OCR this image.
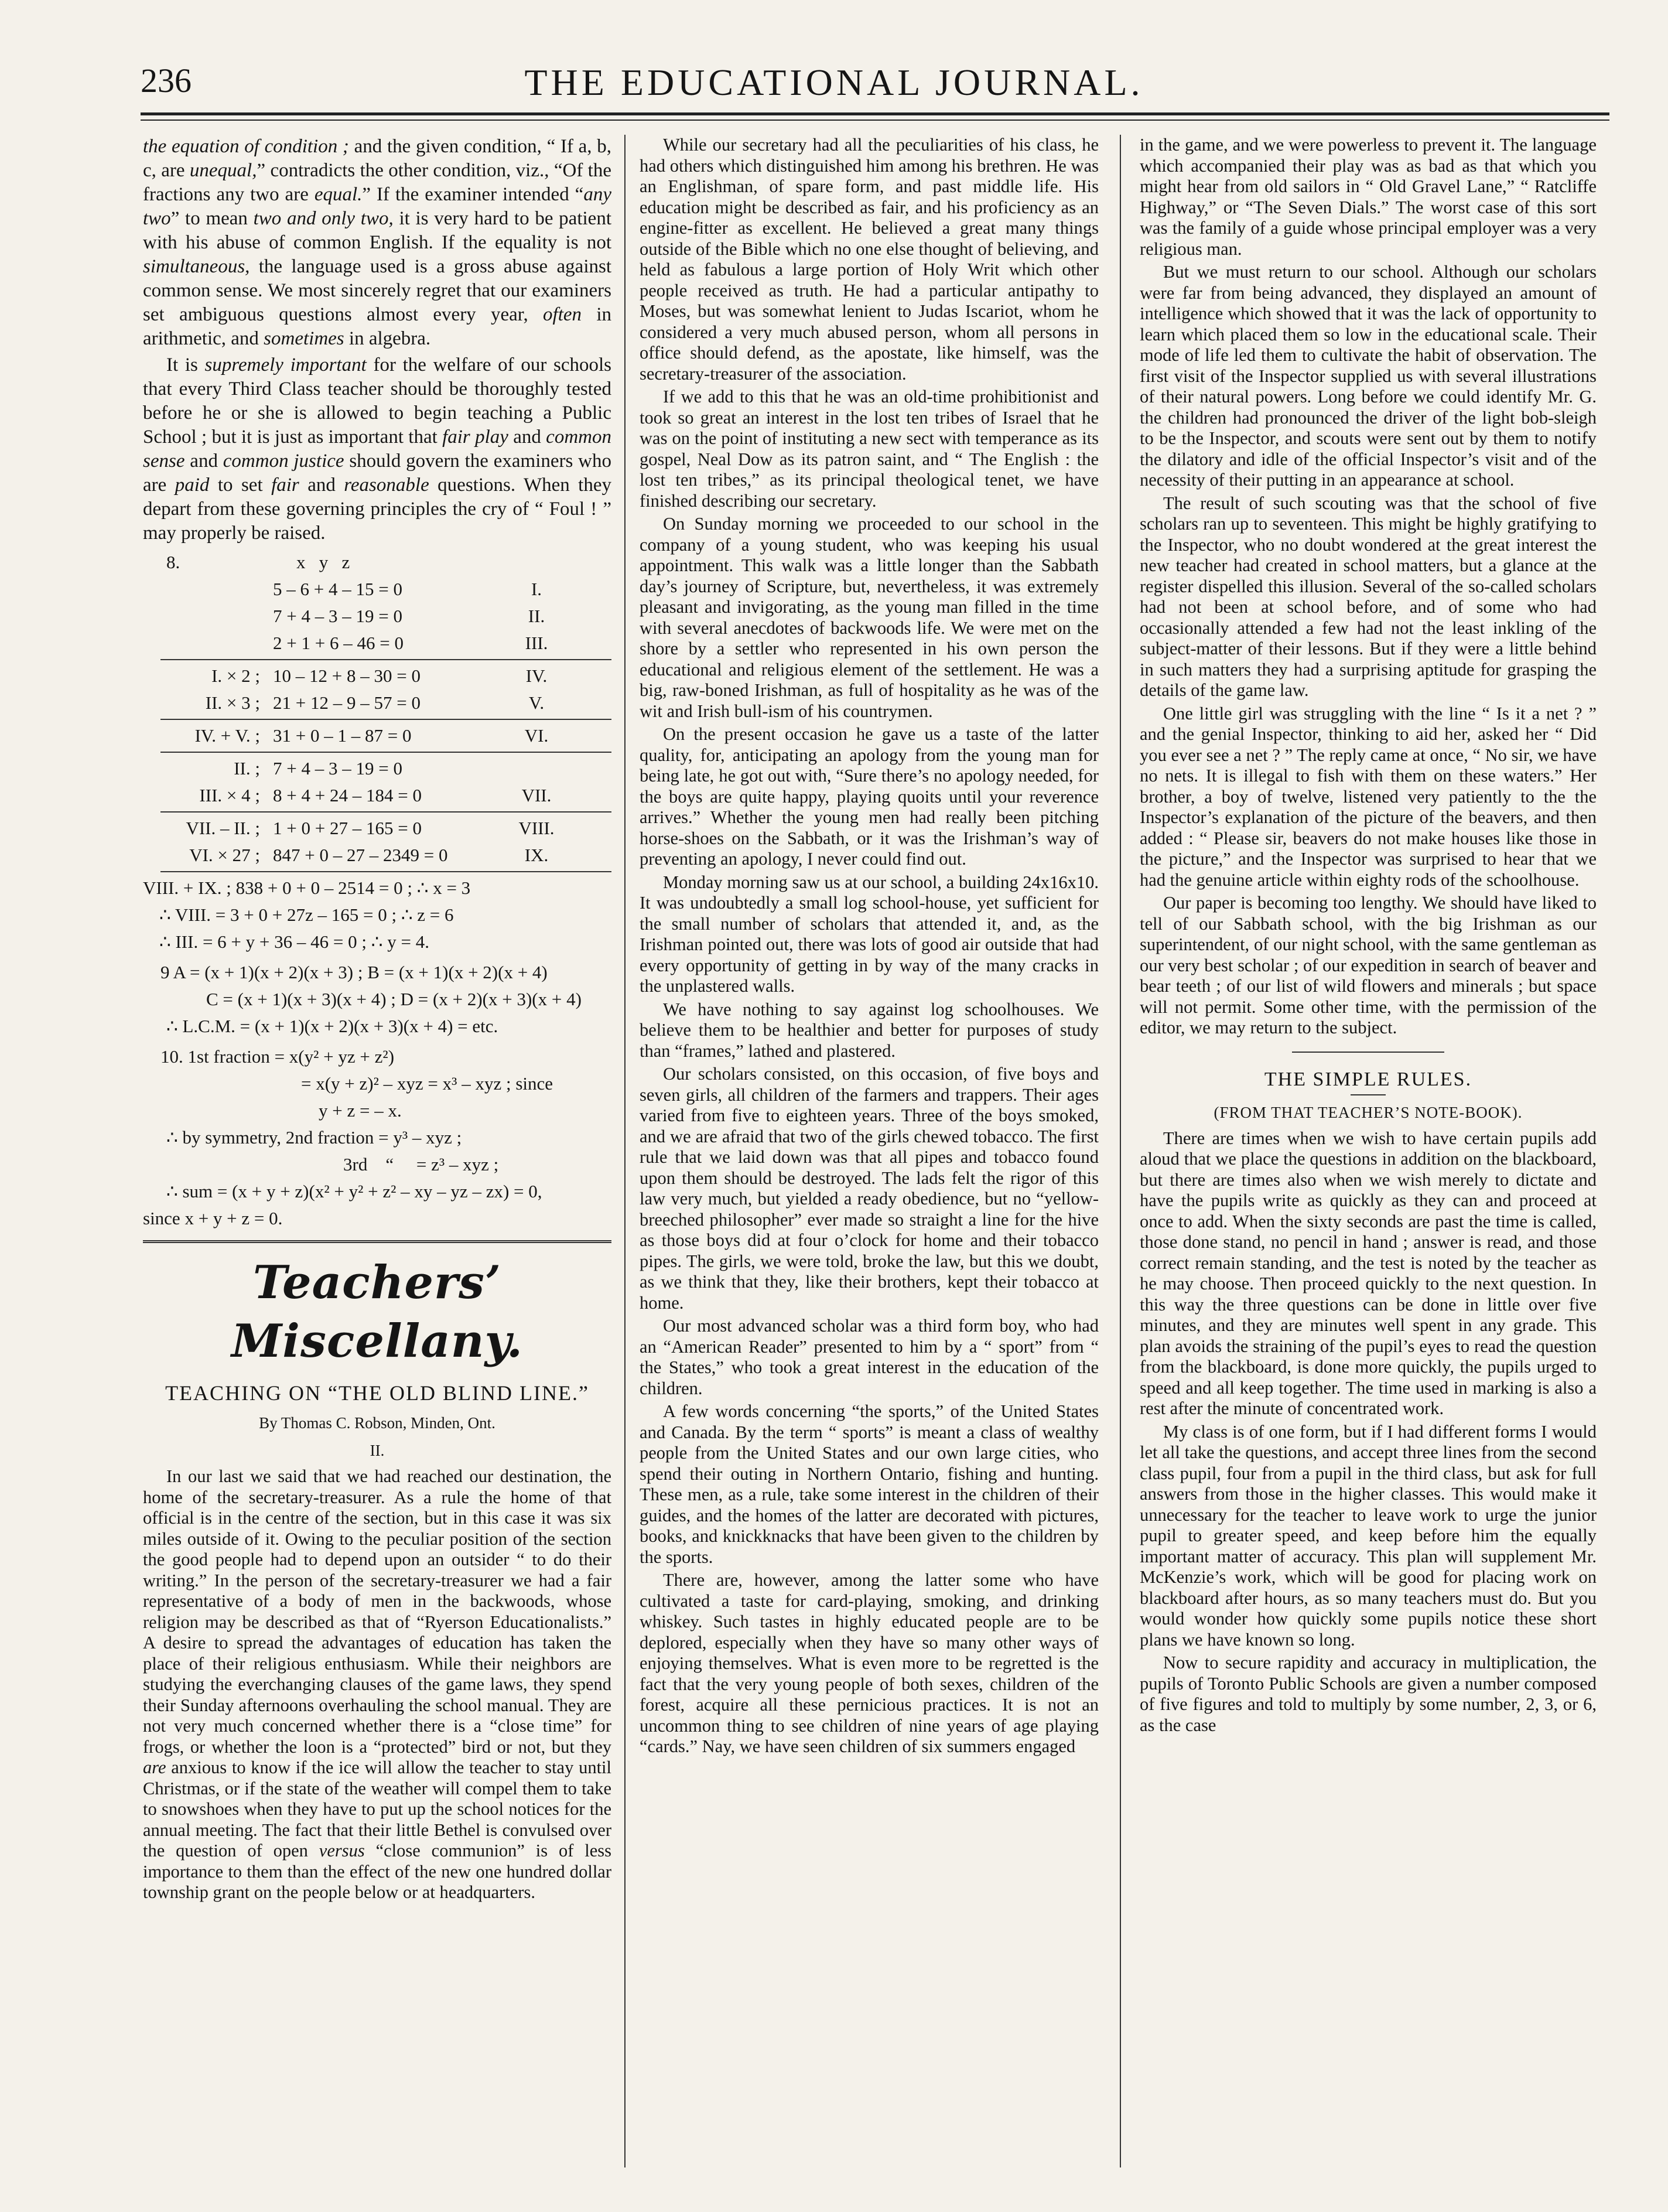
236	THE EDUCATIONAL JOURNAL.

the equation of condition ; and the given condition, “ If a, b, c, are unequal,” contradicts the other condition, viz., “Of the fractions any two are equal.” If the examiner intended “any two” to mean two and only two, it is very hard to be patient with his abuse of common English. If the equality is not simultaneous, the language used is a gross abuse against common sense. We most sincerely regret that our examiners set ambiguous questions almost every year, often in arithmetic, and sometimes in algebra.

It is supremely important for the welfare of our schools that every Third Class teacher should be thoroughly tested before he or she is allowed to begin teaching a Public School ; but it is just as important that fair play and common sense and common justice should govern the examiners who are paid to set fair and reasonable questions. When they depart from these governing principles the cry of “ Foul ! ” may properly be raised.

8.	x   y   z
5 – 6 + 4 – 15 = 0	I.
7 + 4 – 3 – 19 = 0	II.
2 + 1 + 6 – 46 = 0	III.
I. × 2 ; 10 – 12 + 8 – 30 = 0	IV.
II. × 3 ; 21 + 12 – 9 – 57 = 0	V.
IV. + V. ; 31 + 0 – 1 – 87 = 0	VI.
II. ; 7 + 4 – 3 – 19 = 0
III. × 4 ; 8 + 4 + 24 – 184 = 0	VII.
VII. – II. ; 1 + 0 + 27 – 165 = 0	VIII.
VI. × 27 ; 847 + 0 – 27 – 2349 = 0	IX.
VIII. + IX. ; 838 + 0 + 0 – 2514 = 0 ; ∴ x = 3
∴ VIII. = 3 + 0 + 27z – 165 = 0 ; ∴ z = 6
∴ III. = 6 + y + 36 – 46 = 0 ; ∴ y = 4.
9 A = (x + 1)(x + 2)(x + 3) ; B = (x + 1)(x + 2)(x + 4)
C = (x + 1)(x + 3)(x + 4) ; D = (x + 2)(x + 3)(x + 4)
∴ L.C.M. = (x + 1)(x + 2)(x + 3)(x + 4) = etc.
10. 1st fraction = x(y² + yz + z²)
= x(y + z)² – xyz = x³ – xyz ; since
y + z = – x.
∴ by symmetry, 2nd fraction = y³ – xyz ;
3rd    “     = z³ – xyz ;
∴ sum = (x + y + z)(x² + y² + z² – xy – yz – zx) = 0,
since x + y + z = 0.
Teachers’ Miscellany.
TEACHING ON “THE OLD BLIND LINE.”
By Thomas C. Robson, Minden, Ont.
II.

In our last we said that we had reached our destination, the home of the secretary-treasurer. As a rule the home of that official is in the centre of the section, but in this case it was six miles outside of it. Owing to the peculiar position of the section the good people had to depend upon an outsider “ to do their writing.” In the person of the secretary-treasurer we had a fair representative of a body of men in the backwoods, whose religion may be described as that of “Ryerson Educationalists.” A desire to spread the advantages of education has taken the place of their religious enthusiasm. While their neighbors are studying the everchanging clauses of the game laws, they spend their Sunday afternoons overhauling the school manual. They are not very much concerned whether there is a “close time” for frogs, or whether the loon is a “protected” bird or not, but they are anxious to know if the ice will allow the teacher to stay until Christmas, or if the state of the weather will compel them to take to snowshoes when they have to put up the school notices for the annual meeting. The fact that their little Bethel is convulsed over the question of open versus “close communion” is of less importance to them than the effect of the new one hundred dollar township grant on the people below or at headquarters.

While our secretary had all the peculiarities of his class, he had others which distinguished him among his brethren. He was an Englishman, of spare form, and past middle life. His education might be described as fair, and his proficiency as an engine-fitter as excellent. He believed a great many things outside of the Bible which no one else thought of believing, and held as fabulous a large portion of Holy Writ which other people received as truth. He had a particular antipathy to Moses, but was somewhat lenient to Judas Iscariot, whom he considered a very much abused person, whom all persons in office should defend, as the apostate, like himself, was the secretary-treasurer of the association.

If we add to this that he was an old-time prohibitionist and took so great an interest in the lost ten tribes of Israel that he was on the point of instituting a new sect with temperance as its gospel, Neal Dow as its patron saint, and “ The English : the lost ten tribes,” as its principal theological tenet, we have finished describing our secretary.

On Sunday morning we proceeded to our school in the company of a young student, who was keeping his usual appointment. This walk was a little longer than the Sabbath day’s journey of Scripture, but, nevertheless, it was extremely pleasant and invigorating, as the young man filled in the time with several anecdotes of backwoods life. We were met on the shore by a settler who represented in his own person the educational and religious element of the settlement. He was a big, raw-boned Irishman, as full of hospitality as he was of the wit and Irish bull-ism of his countrymen.

On the present occasion he gave us a taste of the latter quality, for, anticipating an apology from the young man for being late, he got out with, “Sure there’s no apology needed, for the boys are quite happy, playing quoits until your reverence arrives.” Whether the young men had really been pitching horse-shoes on the Sabbath, or it was the Irishman’s way of preventing an apology, I never could find out.

Monday morning saw us at our school, a building 24x16x10. It was undoubtedly a small log school-house, yet sufficient for the small number of scholars that attended it, and, as the Irishman pointed out, there was lots of good air outside that had every opportunity of getting in by way of the many cracks in the unplastered walls.

We have nothing to say against log schoolhouses. We believe them to be healthier and better for purposes of study than “frames,” lathed and plastered.

Our scholars consisted, on this occasion, of five boys and seven girls, all children of the farmers and trappers. Their ages varied from five to eighteen years. Three of the boys smoked, and we are afraid that two of the girls chewed tobacco. The first rule that we laid down was that all pipes and tobacco found upon them should be destroyed. The lads felt the rigor of this law very much, but yielded a ready obedience, but no “yellow-breeched philosopher” ever made so straight a line for the hive as those boys did at four o’clock for home and their tobacco pipes. The girls, we were told, broke the law, but this we doubt, as we think that they, like their brothers, kept their tobacco at home.

Our most advanced scholar was a third form boy, who had an “American Reader” presented to him by a “ sport” from “ the States,” who took a great interest in the education of the children.

A few words concerning “the sports,” of the United States and Canada. By the term “ sports” is meant a class of wealthy people from the United States and our own large cities, who spend their outing in Northern Ontario, fishing and hunting. These men, as a rule, take some interest in the children of their guides, and the homes of the latter are decorated with pictures, books, and knickknacks that have been given to the children by the sports.

There are, however, among the latter some who have cultivated a taste for card-playing, smoking, and drinking whiskey. Such tastes in highly educated people are to be deplored, especially when they have so many other ways of enjoying themselves. What is even more to be regretted is the fact that the very young people of both sexes, children of the forest, acquire all these pernicious practices. It is not an uncommon thing to see children of nine years of age playing “cards.” Nay, we have seen children of six summers engaged

in the game, and we were powerless to prevent it. The language which accompanied their play was as bad as that which you might hear from old sailors in “ Old Gravel Lane,” “ Ratcliffe Highway,” or “The Seven Dials.” The worst case of this sort was the family of a guide whose principal employer was a very religious man.

But we must return to our school. Although our scholars were far from being advanced, they displayed an amount of intelligence which showed that it was the lack of opportunity to learn which placed them so low in the educational scale. Their mode of life led them to cultivate the habit of observation. The first visit of the Inspector supplied us with several illustrations of their natural powers. Long before we could identify Mr. G. the children had pronounced the driver of the light bob-sleigh to be the Inspector, and scouts were sent out by them to notify the dilatory and idle of the official Inspector’s visit and of the necessity of their putting in an appearance at school.

The result of such scouting was that the school of five scholars ran up to seventeen. This might be highly gratifying to the Inspector, who no doubt wondered at the great interest the new teacher had created in school matters, but a glance at the register dispelled this illusion. Several of the so-called scholars had not been at school before, and of some who had occasionally attended a few had not the least inkling of the subject-matter of their lessons. But if they were a little behind in such matters they had a surprising aptitude for grasping the details of the game law.

One little girl was struggling with the line “ Is it a net ? ” and the genial Inspector, thinking to aid her, asked her “ Did you ever see a net ? ” The reply came at once, “ No sir, we have no nets. It is illegal to fish with them on these waters.” Her brother, a boy of twelve, listened very patiently to the the Inspector’s explanation of the picture of the beavers, and then added : “ Please sir, beavers do not make houses like those in the picture,” and the Inspector was surprised to hear that we had the genuine article within eighty rods of the schoolhouse.

Our paper is becoming too lengthy. We should have liked to tell of our Sabbath school, with the big Irishman as our superintendent, of our night school, with the same gentleman as our very best scholar ; of our expedition in search of beaver and bear teeth ; of our list of wild flowers and minerals ; but space will not permit. Some other time, with the permission of the editor, we may return to the subject.

THE SIMPLE RULES.
(FROM THAT TEACHER’S NOTE-BOOK).

There are times when we wish to have certain pupils add aloud that we place the questions in addition on the blackboard, but there are times also when we wish merely to dictate and have the pupils write as quickly as they can and proceed at once to add. When the sixty seconds are past the time is called, those done stand, no pencil in hand ; answer is read, and those correct remain standing, and the test is noted by the teacher as he may choose. Then proceed quickly to the next question. In this way the three questions can be done in little over five minutes, and they are minutes well spent in any grade. This plan avoids the straining of the pupil’s eyes to read the question from the blackboard, is done more quickly, the pupils urged to speed and all keep together. The time used in marking is also a rest after the minute of concentrated work.

My class is of one form, but if I had different forms I would let all take the questions, and accept three lines from the second class pupil, four from a pupil in the third class, but ask for full answers from those in the higher classes. This would make it unnecessary for the teacher to leave work to urge the junior pupil to greater speed, and keep before him the equally important matter of accuracy. This plan will supplement Mr. McKenzie’s work, which will be good for placing work on blackboard after hours, as so many teachers must do. But you would wonder how quickly some pupils notice these short plans we have known so long.

Now to secure rapidity and accuracy in multiplication, the pupils of Toronto Public Schools are given a number composed of five figures and told to multiply by some number, 2, 3, or 6, as the case
